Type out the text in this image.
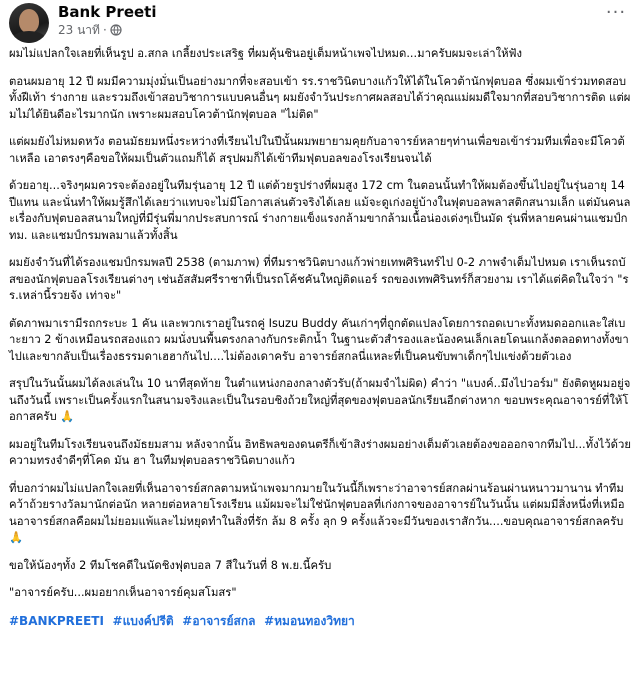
Bank Preeti
23 นาที ·
···

ผมไม่แปลกใจเลยที่เห็นรูป อ.สกล เกลี้ยงประเสริฐ ที่ผมคุ้นชินอยู่เต็มหน้าเพจไปหมด...มาครับผมจะเล่าให้ฟัง

ตอนผมอายุ 12 ปี ผมมีความมุ่งมั่นเป็นอย่างมากที่จะสอบเข้า รร.ราชวินิตบางแก้วให้ได้ในโควต้านักฟุตบอล ซึ่งผมเข้าร่วมทดสอบทั้งฝีเท้า ร่างกาย และรวมถึงเข้าสอบวิชาการแบบคนอื่นๆ ผมยังจำวันประกาศผลสอบได้ว่าคุณแม่ผมดีใจมากที่สอบวิชาการติด แต่ผมไม่ได้ยินดีอะไรมากนัก เพราะผมสอบโควต้านักฟุตบอล "ไม่ติด"

แต่ผมยังไม่หมดหวัง ตอนมัธยมหนึ่งระหว่างที่เรียนไปในปีนั้นผมพยายามคุยกับอาจารย์หลายๆท่านเพื่อขอเข้าร่วมทีมเพื่อจะมีโควต้าเหลือ เอาตรงๆคือขอให้ผมเป็นตัวแถมก็ได้ สรุปผมก็ได้เข้าทีมฟุตบอลของโรงเรียนจนได้

ด้วยอายุ...จริงๆผมควรจะต้องอยู่ในทีมรุ่นอายุ 12 ปี แต่ด้วยรูปร่างที่ผมสูง 172 cm ในตอนนั้นทำให้ผมต้องขึ้นไปอยู่ในรุ่นอายุ 14 ปีแทน และนั่นทำให้ผมรู้สึกได้เลยว่าแทบจะไม่มีโอกาสเล่นตัวจริงได้เลย แม้จะดูเก่งอยู่บ้างในฟุตบอลพลาสติกสนามเล็ก แต่มันคนละเรื่องกับฟุตบอลสนามใหญ่ที่มีรุ่นพี่มากประสบการณ์ ร่างกายแข็งแรงกล้ามขากล้ามเนื้อน่องเด่งๆเป็นมัด รุ่นพี่หลายคนผ่านแชมป์กทม. และแชมป์กรมพลมาแล้วทั้งสิ้น

ผมยังจำวันที่ได้รองแชมป์กรมพลปี 2538 (ตามภาพ) ที่ทีมราชวินิตบางแก้วพ่ายเทพศิรินทร์ไป 0-2 ภาพจำเต็มไปหมด เราเห็นรถบัสของนักฟุตบอลโรงเรียนต่างๆ เช่นอัสสัมศรีราชาที่เป็นรถโค้ชคันใหญ่ติดแอร์ รถของเทพศิรินทร์ก็สวยงาม เราได้แต่คิดในใจว่า "รร.เหล่านี้รวยจัง เท่าจะ"

ตัดภาพมาเรามีรถกระบะ 1 คัน และพวกเราอยู่ในรถคู่ Isuzu Buddy คันเก่าๆที่ถูกตัดแปลงโดยการถอดเบาะทั้งหมดออกและใส่เบาะยาว 2 ข้างเหมือนรถสองแถว ผมนั่งบนพื้นตรงกลางกับกระติกน้ำ ในฐานะตัวสำรองและน้องคนเล็กเลยโดนแกล้งตลอดทางทั้งขาไปและขากลับเป็นเรื่องธรรมดาเฮฮากันไป....ไม่ต้องเดาครับ อาจารย์สกลนี่แหละที่เป็นคนขับพาเด็กๆไปแข่งด้วยตัวเอง

สรุปในวันนั้นผมได้ลงเล่นใน 10 นาทีสุดท้าย ในตำแหน่งกองกลางตัวรับ(ถ้าผมจำไม่ผิด) คำว่า "แบงค์..มึงไปวอร์ม" ยังติดหูผมอยู่จนถึงวันนี้ เพราะเป็นครั้งแรกในสนามจริงและเป็นในรอบชิงถ้วยใหญ่ที่สุดของฟุตบอลนักเรียนอีกต่างหาก ขอบพระคุณอาจารย์ที่ให้โอกาสครับ 🙏

ผมอยู่ในทีมโรงเรียนจนถึงมัธยมสาม หลังจากนั้น อิทธิพลของดนตรีก็เข้าสิงร่างผมอย่างเต็มตัวเลยต้องขอออกจากทีมไป...ทั้งไว้ด้วยความทรงจำดีๆที่โคด มัน ฮา ในทีมฟุตบอลราชวินิตบางแก้ว

ที่บอกว่าผมไม่แปลกใจเลยที่เห็นอาจารย์สกลตามหน้าเพจมากมายในวันนี้ก็เพราะว่าอาจารย์สกลผ่านร้อนผ่านหนาวมานาน ทำทีมคว้าถ้วยรางวัลมานักต่อนัก หลายต่อหลายโรงเรียน แม้ผมจะไม่ใช่นักฟุตบอลที่เก่งกาจของอาจารย์ในวันนั้น แต่ผมมีสิ่งหนึ่งที่เหมือนอาจารย์สกลคือผมไม่ยอมแพ้และไม่หยุดทำในสิ่งที่รัก ล้ม 8 ครั้ง ลุก 9 ครั้งแล้วจะมีวันของเราสักวัน....ขอบคุณอาจารย์สกลครับ 🙏

ขอให้น้องๆทั้ง 2 ทีมโชคดีในนัดชิงฟุตบอล 7 สีในวันที่ 8 พ.ย.นี้ครับ

"อาจารย์ครับ...ผมอยากเห็นอาจารย์คุมสโมสร"

#BANKPREETI #แบงค์ปรีติ #อาจารย์สกล #หมอนทองวิทยา
